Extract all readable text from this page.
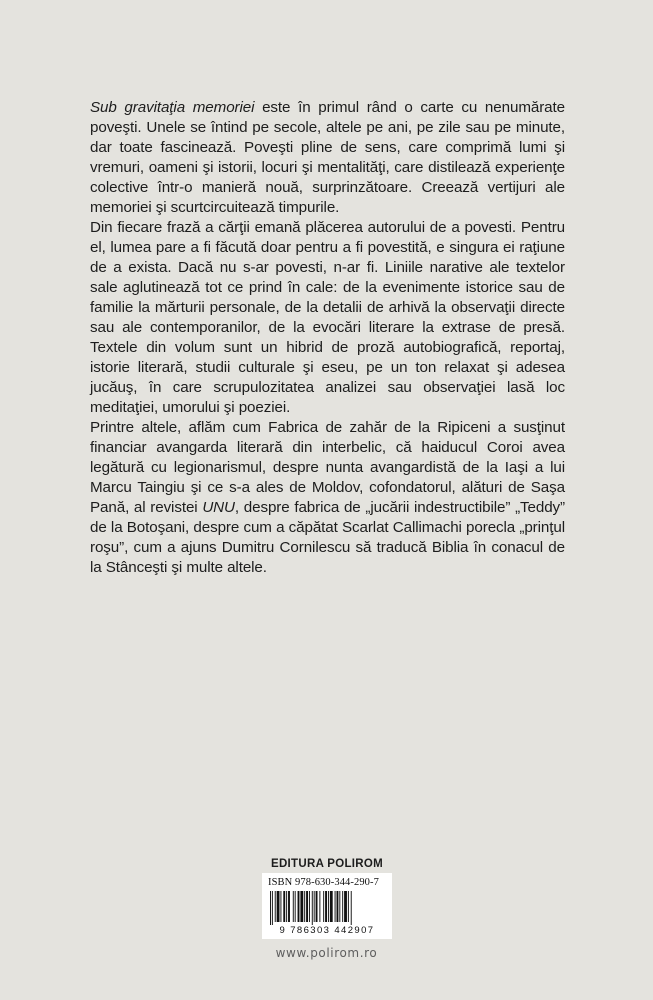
Sub gravitaţia memoriei este în primul rând o carte cu nenumărate poveşti. Unele se întind pe secole, altele pe ani, pe zile sau pe minute, dar toate fascinează. Poveşti pline de sens, care comprimă lumi şi vremuri, oameni şi istorii, locuri şi mentalităţi, care distilează experienţe colective într-o manieră nouă, surprinzătoare. Creează vertijuri ale memoriei şi scurtcircuitează timpurile.

Din fiecare frază a cărţii emană plăcerea autorului de a povesti. Pentru el, lumea pare a fi făcută doar pentru a fi povestită, e singura ei raţiune de a exista. Dacă nu s-ar povesti, n-ar fi. Liniile narative ale textelor sale aglutinează tot ce prind în cale: de la evenimente istorice sau de familie la mărturii personale, de la detalii de arhivă la observaţii directe sau ale contemporanilor, de la evocări literare la extrase de presă. Textele din volum sunt un hibrid de proză autobiografică, reportaj, istorie literară, studii culturale şi eseu, pe un ton relaxat şi adesea jucăuş, în care scrupulozitatea analizei sau observaţiei lasă loc meditaţiei, umorului şi poeziei.

Printre altele, aflăm cum Fabrica de zahăr de la Ripiceni a susţinut financiar avangarda literară din interbelic, că haiducul Coroi avea legătură cu legionarismul, despre nunta avangardistă de la Iaşi a lui Marcu Taingiu şi ce s-a ales de Moldov, cofondatorul, alături de Saşa Pană, al revistei UNU, despre fabrica de „jucării indestructibile” „Teddy” de la Botoşani, despre cum a căpătat Scarlat Callimachi porecla „prinţul roşu”, cum a ajuns Dumitru Cornilescu să traducă Biblia în conacul de la Stânceşti şi multe altele.

EDITURA POLIROM
ISBN 978-630-344-290-7
9 786303 442907
www.polirom.ro
